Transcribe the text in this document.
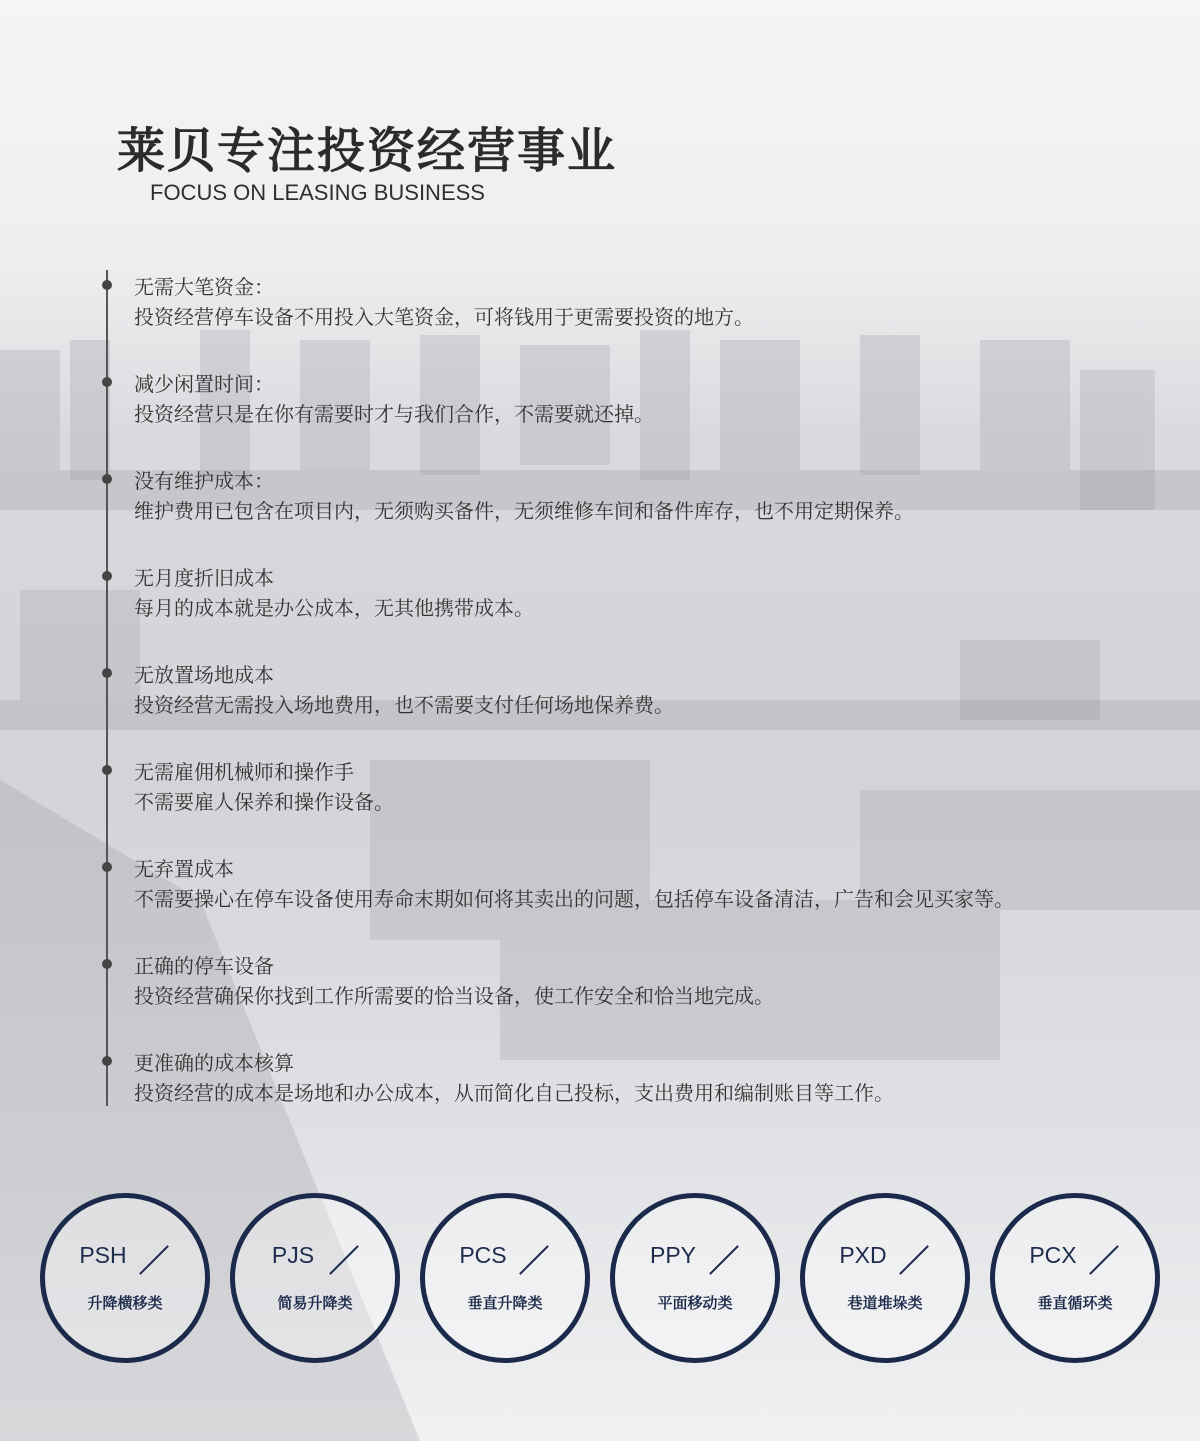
莱贝专注投资经营事业
FOCUS ON LEASING BUSINESS
无需大笔资金：
投资经营停车设备不用投入大笔资金，可将钱用于更需要投资的地方。
减少闲置时间：
投资经营只是在你有需要时才与我们合作，不需要就还掉。
没有维护成本：
维护费用已包含在项目内，无须购买备件，无须维修车间和备件库存，也不用定期保养。
无月度折旧成本
每月的成本就是办公成本，无其他携带成本。
无放置场地成本
投资经营无需投入场地费用，也不需要支付任何场地保养费。
无需雇佣机械师和操作手
不需要雇人保养和操作设备。
无弃置成本
不需要操心在停车设备使用寿命末期如何将其卖出的问题，包括停车设备清洁，广告和会见买家等。
正确的停车设备
投资经营确保你找到工作所需要的恰当设备，使工作安全和恰当地完成。
更准确的成本核算
投资经营的成本是场地和办公成本，从而简化自己投标，支出费用和编制账目等工作。
PSH
升降横移类
PJS
简易升降类
PCS
垂直升降类
PPY
平面移动类
PXD
巷道堆垛类
PCX
垂直循环类
